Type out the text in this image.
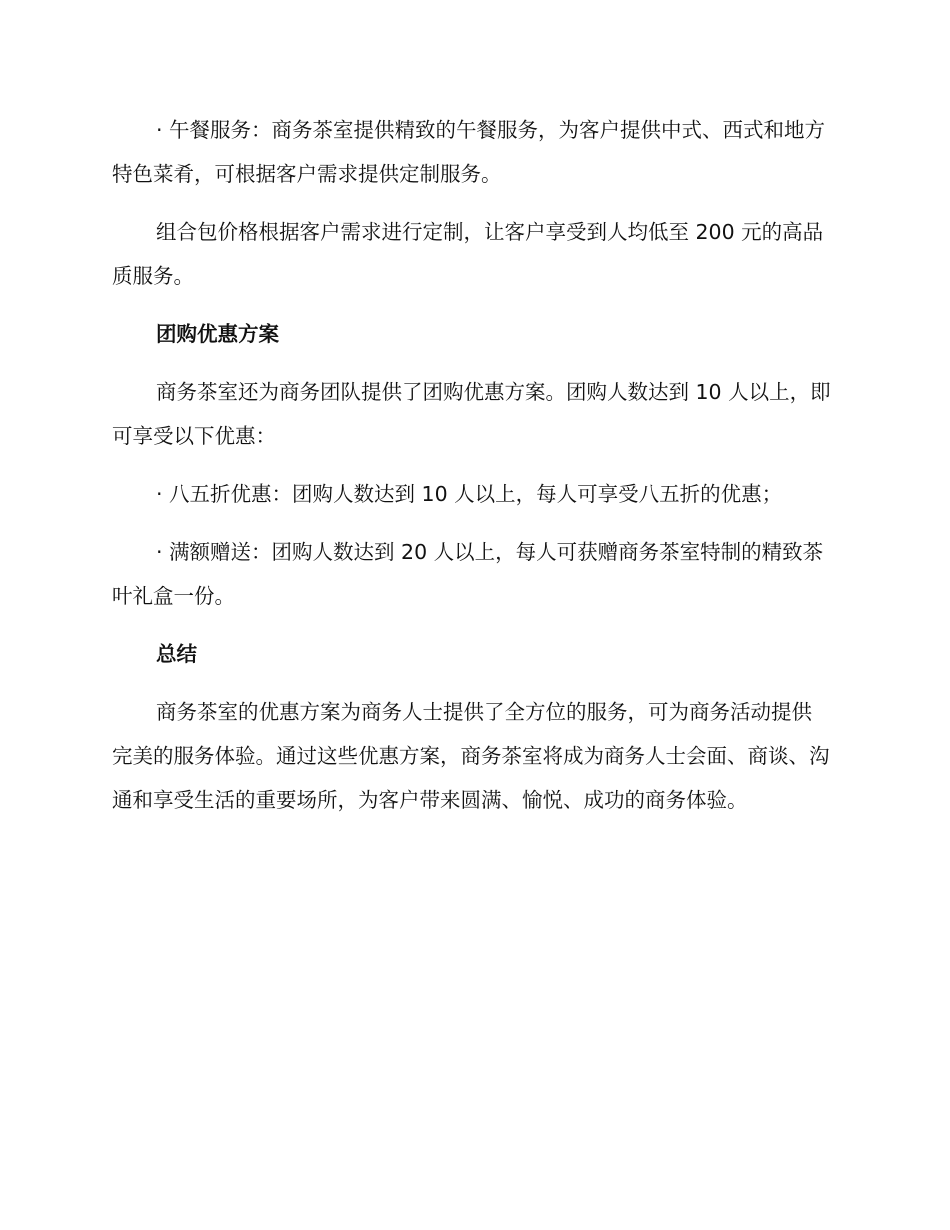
· 午餐服务：商务茶室提供精致的午餐服务，为客户提供中式、西式和地方特色菜肴，可根据客户需求提供定制服务。

组合包价格根据客户需求进行定制，让客户享受到人均低至 200 元的高品质服务。

团购优惠方案

商务茶室还为商务团队提供了团购优惠方案。团购人数达到 10 人以上，即可享受以下优惠：

· 八五折优惠：团购人数达到 10 人以上，每人可享受八五折的优惠；

· 满额赠送：团购人数达到 20 人以上，每人可获赠商务茶室特制的精致茶叶礼盒一份。

总结

商务茶室的优惠方案为商务人士提供了全方位的服务，可为商务活动提供完美的服务体验。通过这些优惠方案，商务茶室将成为商务人士会面、商谈、沟通和享受生活的重要场所，为客户带来圆满、愉悦、成功的商务体验。
